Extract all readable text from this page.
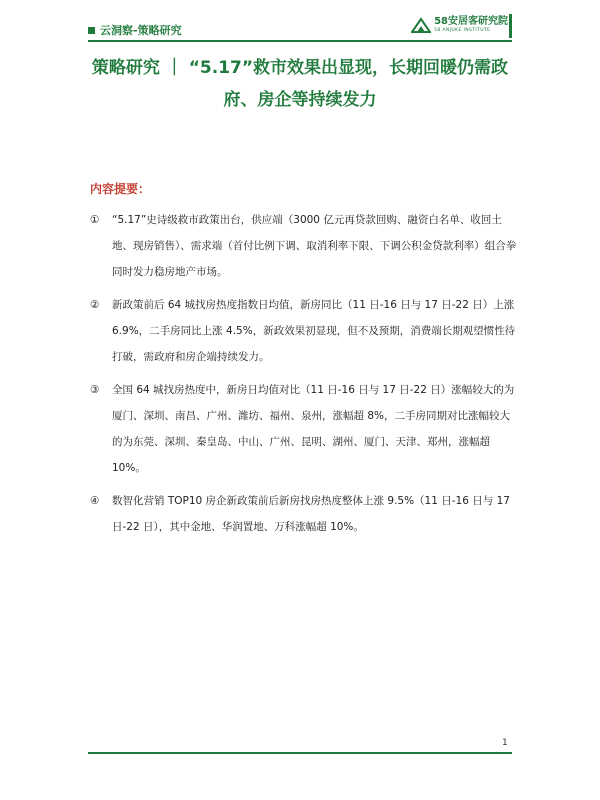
云洞察-策略研究
58安居客研究院
58 ANJUKE INSTITUTE
策略研究 ｜ “5.17”救市效果出显现，长期回暖仍需政
府、房企等持续发力
内容提要：
①	“5.17”史诗级救市政策出台，供应端（3000 亿元再贷款回购、融资白名单、收回土地、现房销售）、需求端（首付比例下调、取消利率下限、下调公积金贷款利率）组合拳同时发力稳房地产市场。
②	新政策前后 64 城找房热度指数日均值，新房同比（11 日-16 日与 17 日-22 日）上涨 6.9%，二手房同比上涨 4.5%，新政效果初显现，但不及预期，消费端长期观望惯性待打破，需政府和房企端持续发力。
③	全国 64 城找房热度中，新房日均值对比（11 日-16 日与 17 日-22 日）涨幅较大的为厦门、深圳、南昌、广州、潍坊、福州、泉州，涨幅超 8%，二手房同期对比涨幅较大的为东莞、深圳、秦皇岛、中山、广州、昆明、湖州、厦门、天津、郑州，涨幅超 10%。
④	数智化营销 TOP10 房企新政策前后新房找房热度整体上涨 9.5%（11 日-16 日与 17 日-22 日），其中金地、华润置地、万科涨幅超 10%。
1
